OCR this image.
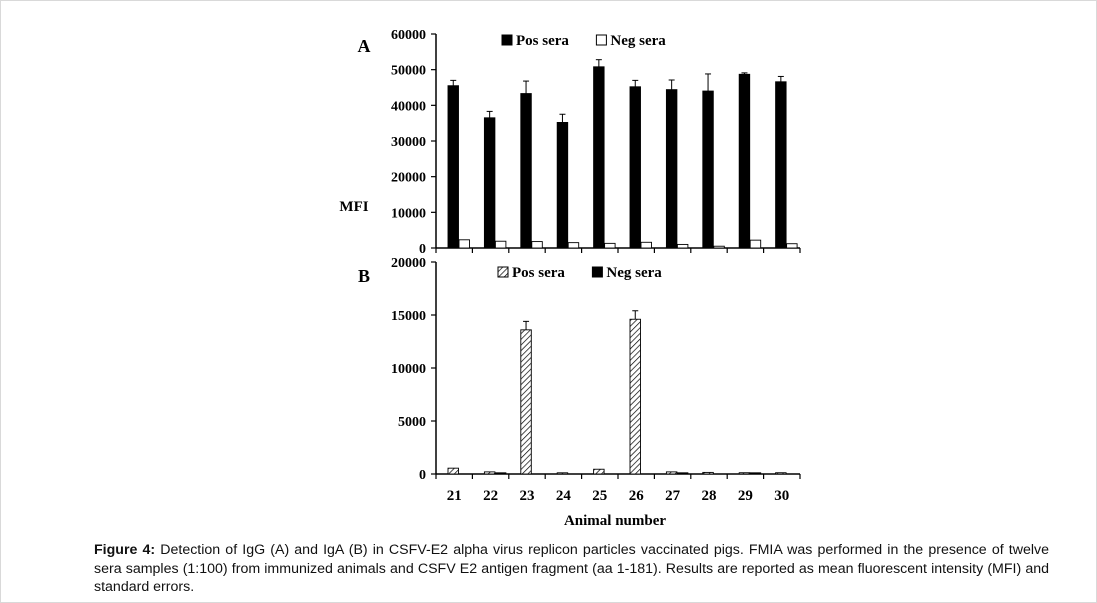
0
10000
20000
30000
40000
50000
60000
A	Pos sera	Neg sera
MFI
0
5000
10000
15000
20000
B	Pos sera	Neg sera
21 22 23 24 25 26 27 28 29 30
Animal number
Figure 4: Detection of IgG (A) and IgA (B) in CSFV-E2 alpha virus replicon particles vaccinated pigs. FMIA was performed in the presence of twelve sera samples (1:100) from immunized animals and CSFV E2 antigen fragment (aa 1-181). Results are reported as mean fluorescent intensity (MFI) and standard errors.
